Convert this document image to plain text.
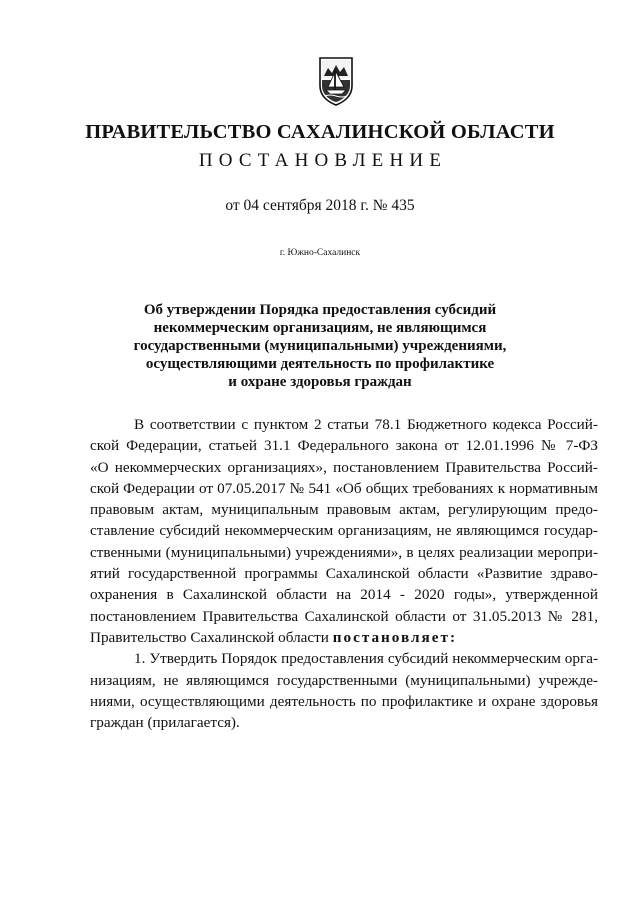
ПРАВИТЕЛЬСТВО САХАЛИНСКОЙ ОБЛАСТИ
ПОСТАНОВЛЕНИЕ
от 04 сентября 2018 г. № 435
г. Южно-Сахалинск
Об утверждении Порядка предоставления субсидий
некоммерческим организациям, не являющимся
государственными (муниципальными) учреждениями,
осуществляющими деятельность по профилактике
и охране здоровья граждан
В соответствии с пунктом 2 статьи 78.1 Бюджетного кодекса Россий-
ской Федерации, статьей 31.1 Федерального закона от 12.01.1996 № 7-ФЗ
«О некоммерческих организациях», постановлением Правительства Россий-
ской Федерации от 07.05.2017 № 541 «Об общих требованиях к нормативным
правовым актам, муниципальным правовым актам, регулирующим предо-
ставление субсидий некоммерческим организациям, не являющимся государ-
ственными (муниципальными) учреждениями», в целях реализации меропри-
ятий государственной программы Сахалинской области «Развитие здраво-
охранения в Сахалинской области на 2014 - 2020 годы», утвержденной
постановлением Правительства Сахалинской области от 31.05.2013 № 281,
Правительство Сахалинской области постановляет:
1. Утвердить Порядок предоставления субсидий некоммерческим орга-
низациям, не являющимся государственными (муниципальными) учрежде-
ниями, осуществляющими деятельность по профилактике и охране здоровья
граждан (прилагается).
